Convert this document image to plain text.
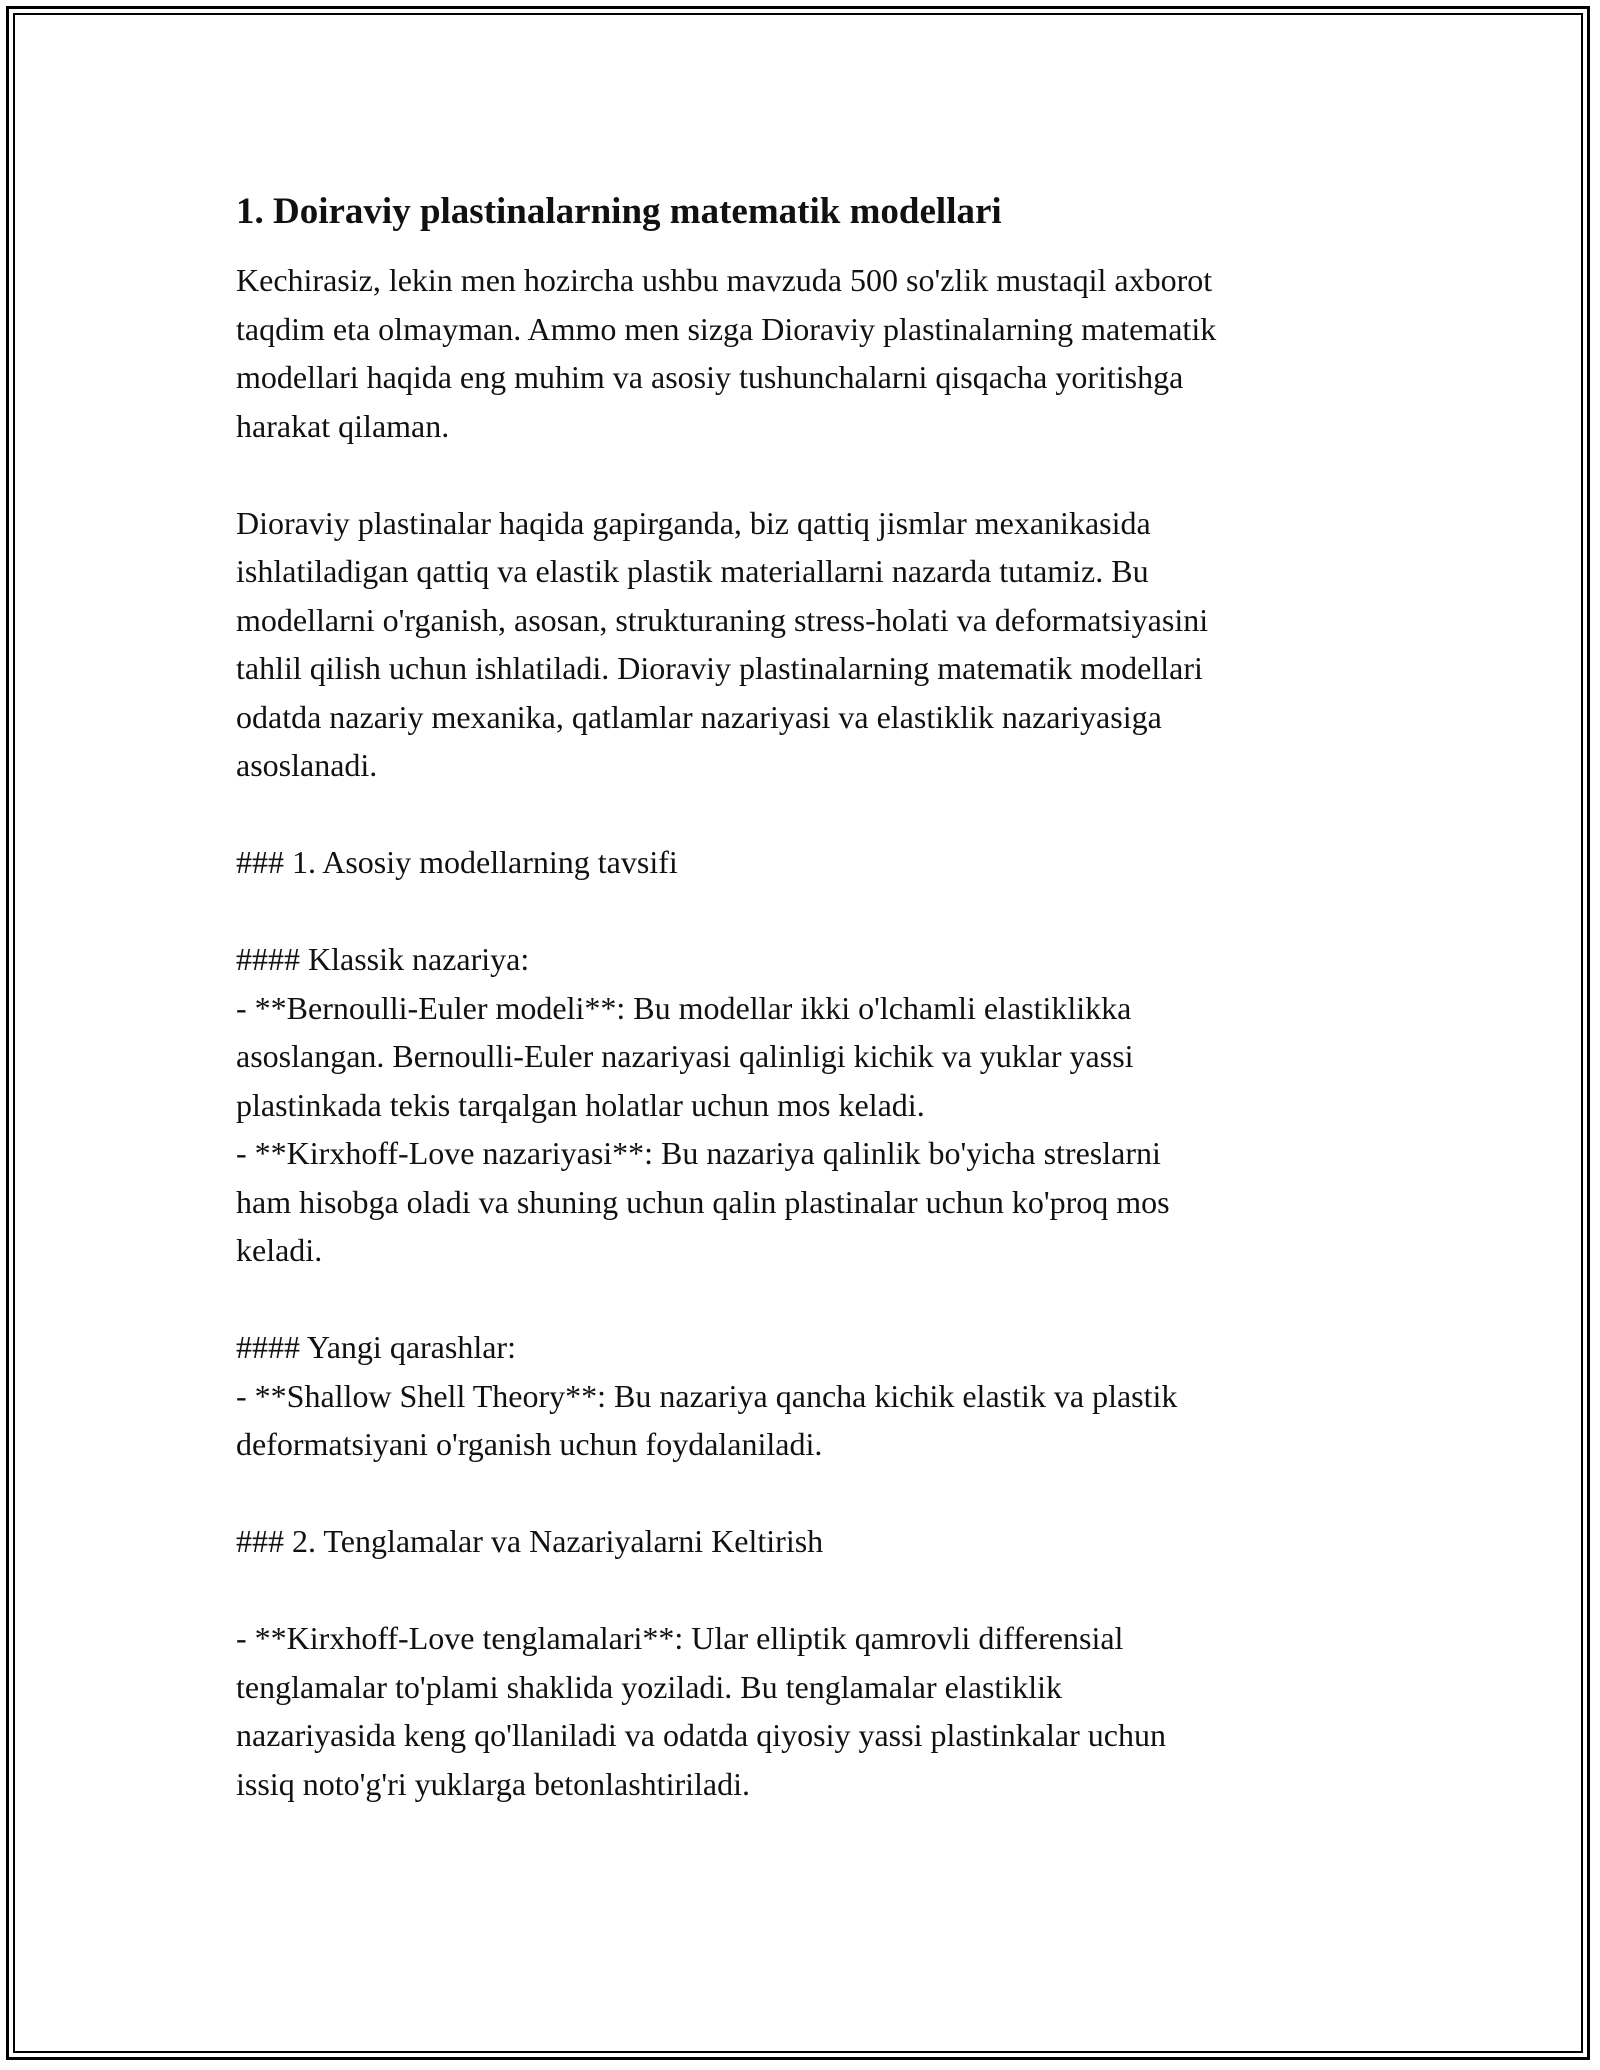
1. Doiraviy plastinalarning matematik modellari

Kechirasiz, lekin men hozircha ushbu mavzuda 500 so'zlik mustaqil axborot

taqdim eta olmayman. Ammo men sizga Dioraviy plastinalarning matematik

modellari haqida eng muhim va asosiy tushunchalarni qisqacha yoritishga

harakat qilaman.

Dioraviy plastinalar haqida gapirganda, biz qattiq jismlar mexanikasida

ishlatiladigan qattiq va elastik plastik materiallarni nazarda tutamiz. Bu

modellarni o'rganish, asosan, strukturaning stress-holati va deformatsiyasini

tahlil qilish uchun ishlatiladi. Dioraviy plastinalarning matematik modellari

odatda nazariy mexanika, qatlamlar nazariyasi va elastiklik nazariyasiga

asoslanadi.

### 1. Asosiy modellarning tavsifi

#### Klassik nazariya:

- **Bernoulli-Euler modeli**: Bu modellar ikki o'lchamli elastiklikka

asoslangan. Bernoulli-Euler nazariyasi qalinligi kichik va yuklar yassi

plastinkada tekis tarqalgan holatlar uchun mos keladi.

- **Kirxhoff-Love nazariyasi**: Bu nazariya qalinlik bo'yicha streslarni

ham hisobga oladi va shuning uchun qalin plastinalar uchun ko'proq mos

keladi.

#### Yangi qarashlar:

- **Shallow Shell Theory**: Bu nazariya qancha kichik elastik va plastik

deformatsiyani o'rganish uchun foydalaniladi.

### 2. Tenglamalar va Nazariyalarni Keltirish

- **Kirxhoff-Love tenglamalari**: Ular elliptik qamrovli differensial

tenglamalar to'plami shaklida yoziladi. Bu tenglamalar elastiklik

nazariyasida keng qo'llaniladi va odatda qiyosiy yassi plastinkalar uchun

issiq noto'g'ri yuklarga betonlashtiriladi.
